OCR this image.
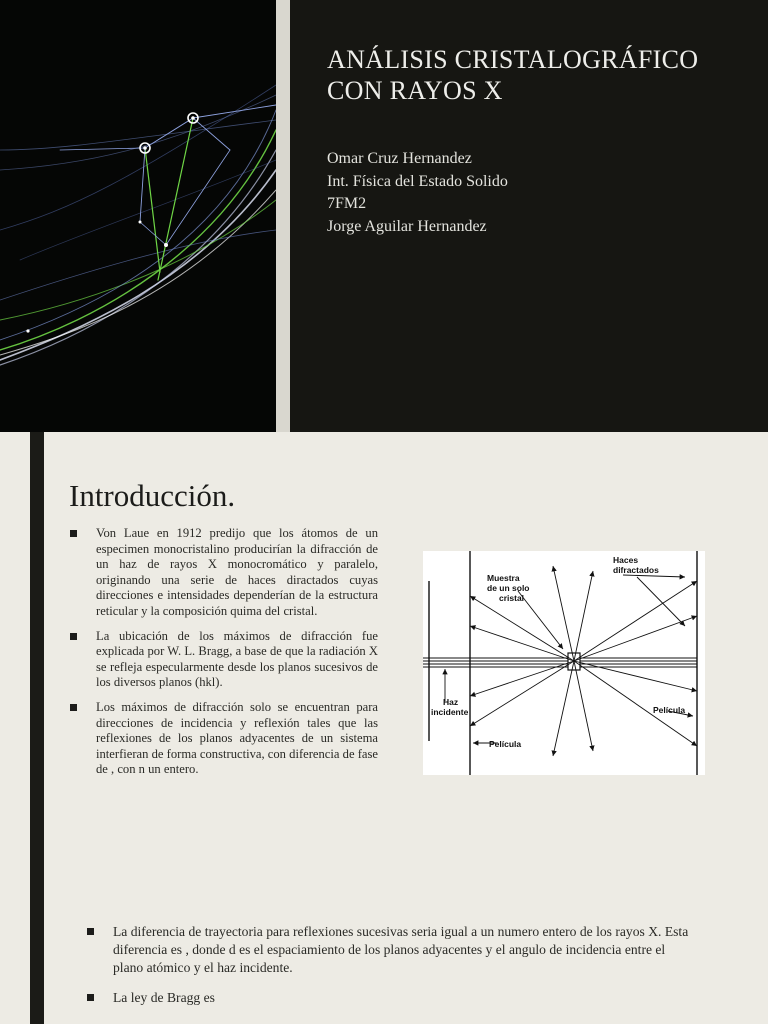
ANÁLISIS CRISTALOGRÁFICO CON RAYOS X
Omar Cruz Hernandez
Int. Física del Estado Solido
7FM2
Jorge Aguilar Hernandez
Introducción.
Von Laue en 1912 predijo que los átomos de un especimen monocristalino producirían la difracción de un haz de rayos X monocromático y paralelo, originando una serie de haces diractados cuyas direcciones e intensidades dependerían de la estructura reticular y la composición quima del cristal.
La ubicación de los máximos de difracción fue explicada por W. L. Bragg, a base de que la radiación X se refleja especularmente desde los planos sucesivos de los diversos planos (hkl).
Los máximos de difracción solo se encuentran para direcciones de incidencia y reflexión tales que las reflexiones de los planos adyacentes de un sistema interfieran de forma constructiva, con diferencia de fase de , con n un entero.
Muestra
de un solo
cristal
Haces
difractados
Haz
incidente	Película
Película
La diferencia de trayectoria para reflexiones sucesivas seria igual a un numero entero de los rayos X. Esta diferencia es , donde d es el espaciamiento de los planos adyacentes y el angulo de incidencia entre el plano atómico y el haz incidente.
La ley de Bragg es
